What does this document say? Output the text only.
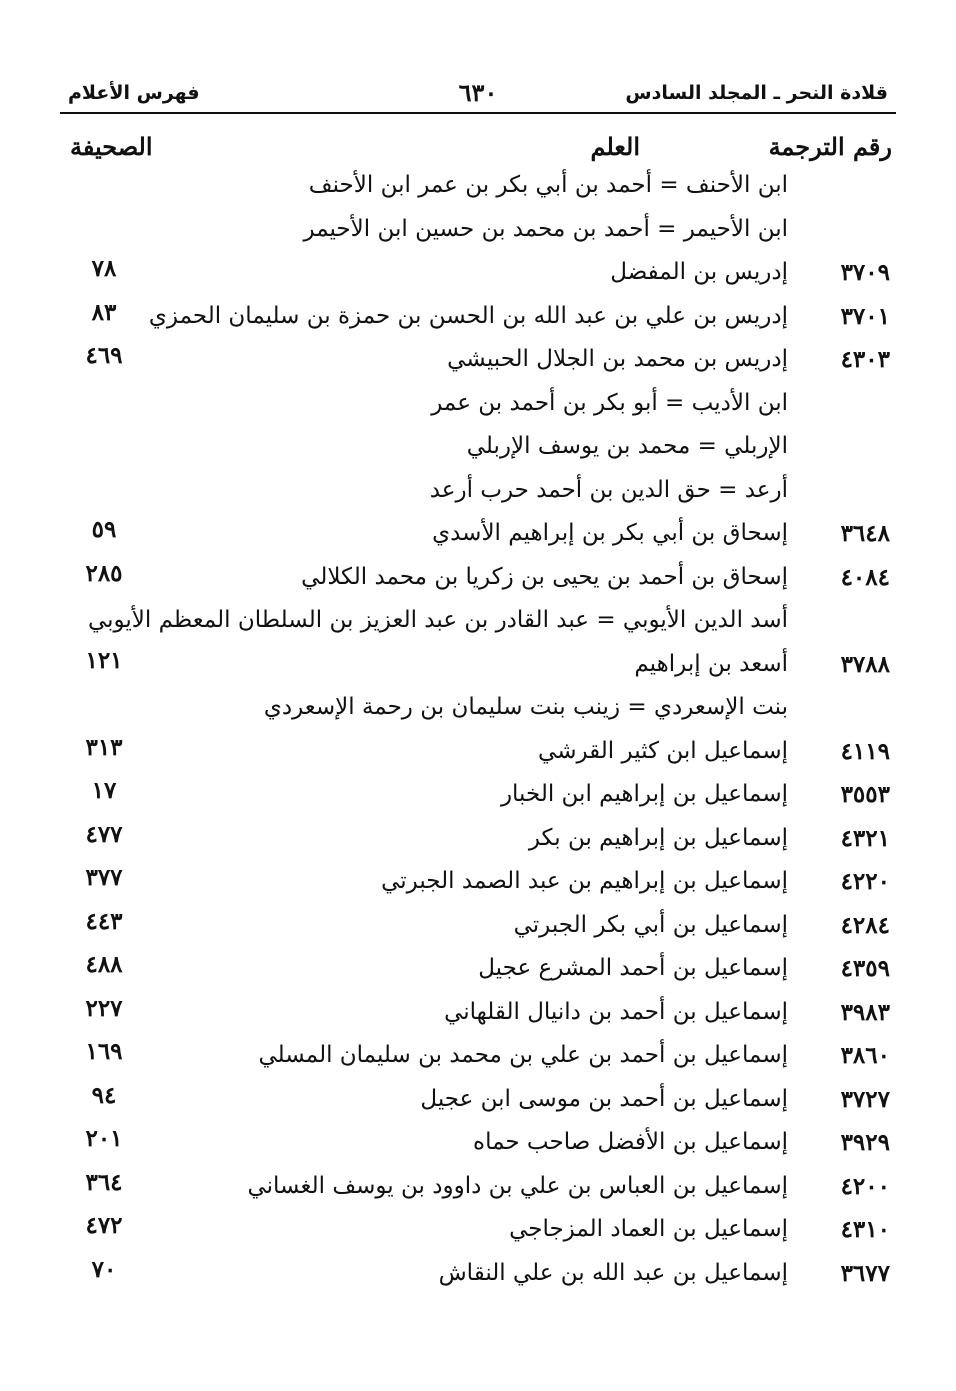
قلادة النحر ـ المجلد السادس
٦٣٠
فهرس الأعلام
رقم الترجمة
العلم
الصحيفة
ابن الأحنف = أحمد بن أبي بكر بن عمر ابن الأحنف
ابن الأحيمر = أحمد بن محمد بن حسين ابن الأحيمر
٣٧٠٩
إدريس بن المفضل
٧٨
٣٧٠١
إدريس بن علي بن عبد الله بن الحسن بن حمزة بن سليمان الحمزي
٨٣
٤٣٠٣
إدريس بن محمد بن الجلال الحبيشي
٤٦٩
ابن الأديب = أبو بكر بن أحمد بن عمر
الإربلي = محمد بن يوسف الإربلي
أرعد = حق الدين بن أحمد حرب أرعد
٣٦٤٨
إسحاق بن أبي بكر بن إبراهيم الأسدي
٥٩
٤٠٨٤
إسحاق بن أحمد بن يحيى بن زكريا بن محمد الكلالي
٢٨٥
أسد الدين الأيوبي = عبد القادر بن عبد العزيز بن السلطان المعظم الأيوبي
٣٧٨٨
أسعد بن إبراهيم
١٢١
بنت الإسعردي = زينب بنت سليمان بن رحمة الإسعردي
٤١١٩
إسماعيل ابن كثير القرشي
٣١٣
٣٥٥٣
إسماعيل بن إبراهيم ابن الخبار
١٧
٤٣٢١
إسماعيل بن إبراهيم بن بكر
٤٧٧
٤٢٢٠
إسماعيل بن إبراهيم بن عبد الصمد الجبرتي
٣٧٧
٤٢٨٤
إسماعيل بن أبي بكر الجبرتي
٤٤٣
٤٣٥٩
إسماعيل بن أحمد المشرع عجيل
٤٨٨
٣٩٨٣
إسماعيل بن أحمد بن دانيال القلهاني
٢٢٧
٣٨٦٠
إسماعيل بن أحمد بن علي بن محمد بن سليمان المسلي
١٦٩
٣٧٢٧
إسماعيل بن أحمد بن موسى ابن عجيل
٩٤
٣٩٢٩
إسماعيل بن الأفضل صاحب حماه
٢٠١
٤٢٠٠
إسماعيل بن العباس بن علي بن داوود بن يوسف الغساني
٣٦٤
٤٣١٠
إسماعيل بن العماد المزجاجي
٤٧٢
٣٦٧٧
إسماعيل بن عبد الله بن علي النقاش
٧٠
